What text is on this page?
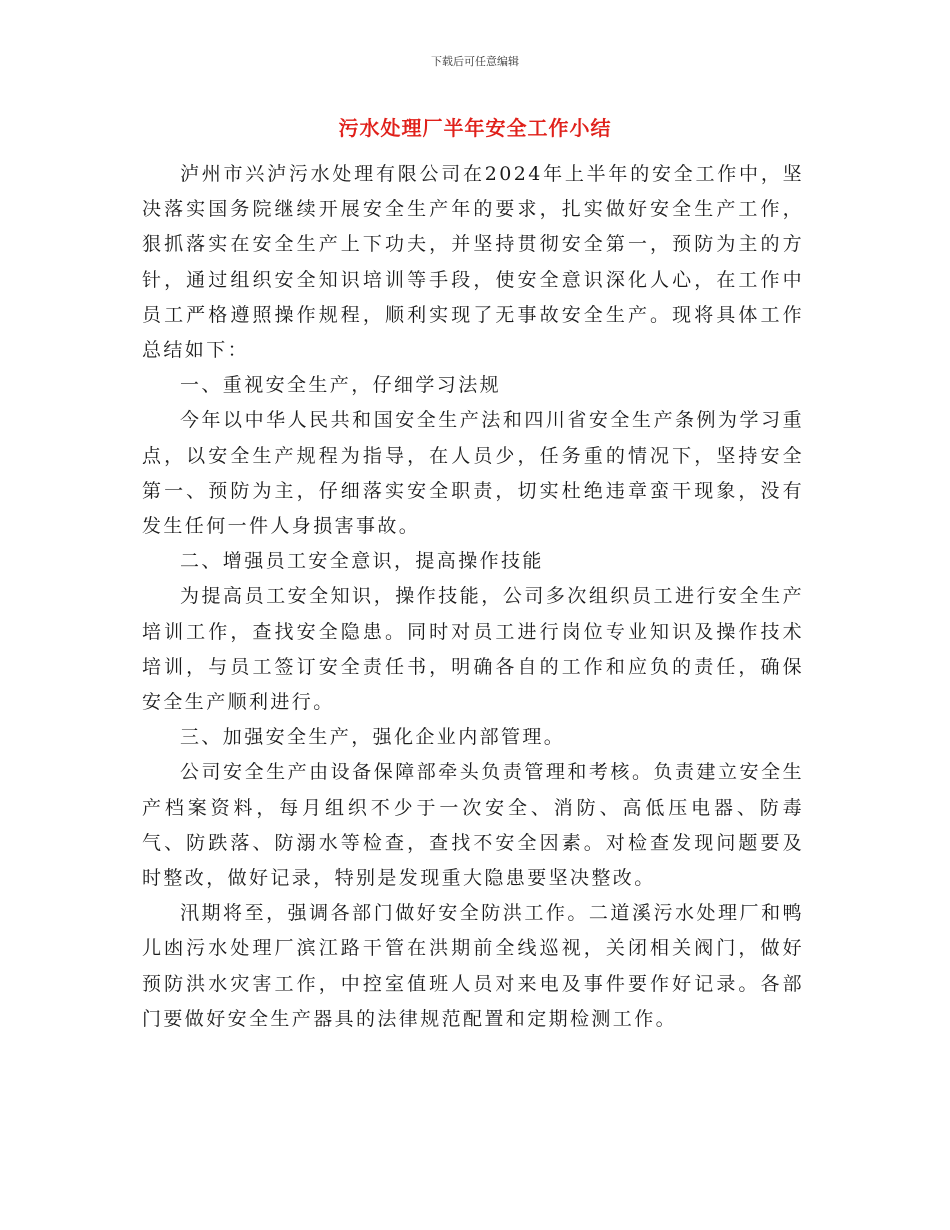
下载后可任意编辑
污水处理厂半年安全工作小结

泸州市兴泸污水处理有限公司在2024年上半年的安全工作中，坚决落实国务院继续开展安全生产年的要求，扎实做好安全生产工作，狠抓落实在安全生产上下功夫，并坚持贯彻安全第一，预防为主的方针，通过组织安全知识培训等手段，使安全意识深化人心，在工作中员工严格遵照操作规程，顺利实现了无事故安全生产。现将具体工作总结如下：

一、重视安全生产，仔细学习法规

今年以中华人民共和国安全生产法和四川省安全生产条例为学习重点，以安全生产规程为指导，在人员少，任务重的情况下，坚持安全第一、预防为主，仔细落实安全职责，切实杜绝违章蛮干现象，没有发生任何一件人身损害事故。

二、增强员工安全意识，提高操作技能

为提高员工安全知识，操作技能，公司多次组织员工进行安全生产培训工作，查找安全隐患。同时对员工进行岗位专业知识及操作技术培训，与员工签订安全责任书，明确各自的工作和应负的责任，确保安全生产顺利进行。

三、加强安全生产，强化企业内部管理。

公司安全生产由设备保障部牵头负责管理和考核。负责建立安全生产档案资料，每月组织不少于一次安全、消防、高低压电器、防毒气、防跌落、防溺水等检查，查找不安全因素。对检查发现问题要及时整改，做好记录，特别是发现重大隐患要坚决整改。

汛期将至，强调各部门做好安全防洪工作。二道溪污水处理厂和鸭儿凼污水处理厂滨江路干管在洪期前全线巡视，关闭相关阀门，做好预防洪水灾害工作，中控室值班人员对来电及事件要作好记录。各部门要做好安全生产器具的法律规范配置和定期检测工作。
